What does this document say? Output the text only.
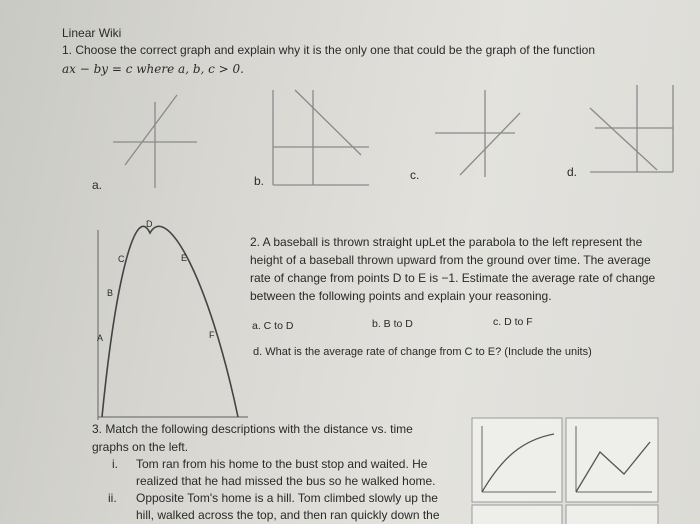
Linear Wiki
1. Choose the correct graph and explain why it is the only one that could be the graph of the function
ax − by = c where a, b, c > 0.
a.	b.	c.	d.
A
B
C
D
E
F
2. A baseball is thrown straight upLet the parabola to the left represent the
height of a baseball thrown upward from the ground over time. The average
rate of change from points D to E is −1. Estimate the average rate of change
between the following points and explain your reasoning.
a. C to D	b. B to D	c. D to F
d. What is the average rate of change from C to E? (Include the units)
3. Match the following descriptions with the distance vs. time
graphs on the left.
i. Tom ran from his home to the bust stop and waited. He
realized that he had missed the bus so he walked home.
ii. Opposite Tom's home is a hill. Tom climbed slowly up the
hill, walked across the top, and then ran quickly down the
